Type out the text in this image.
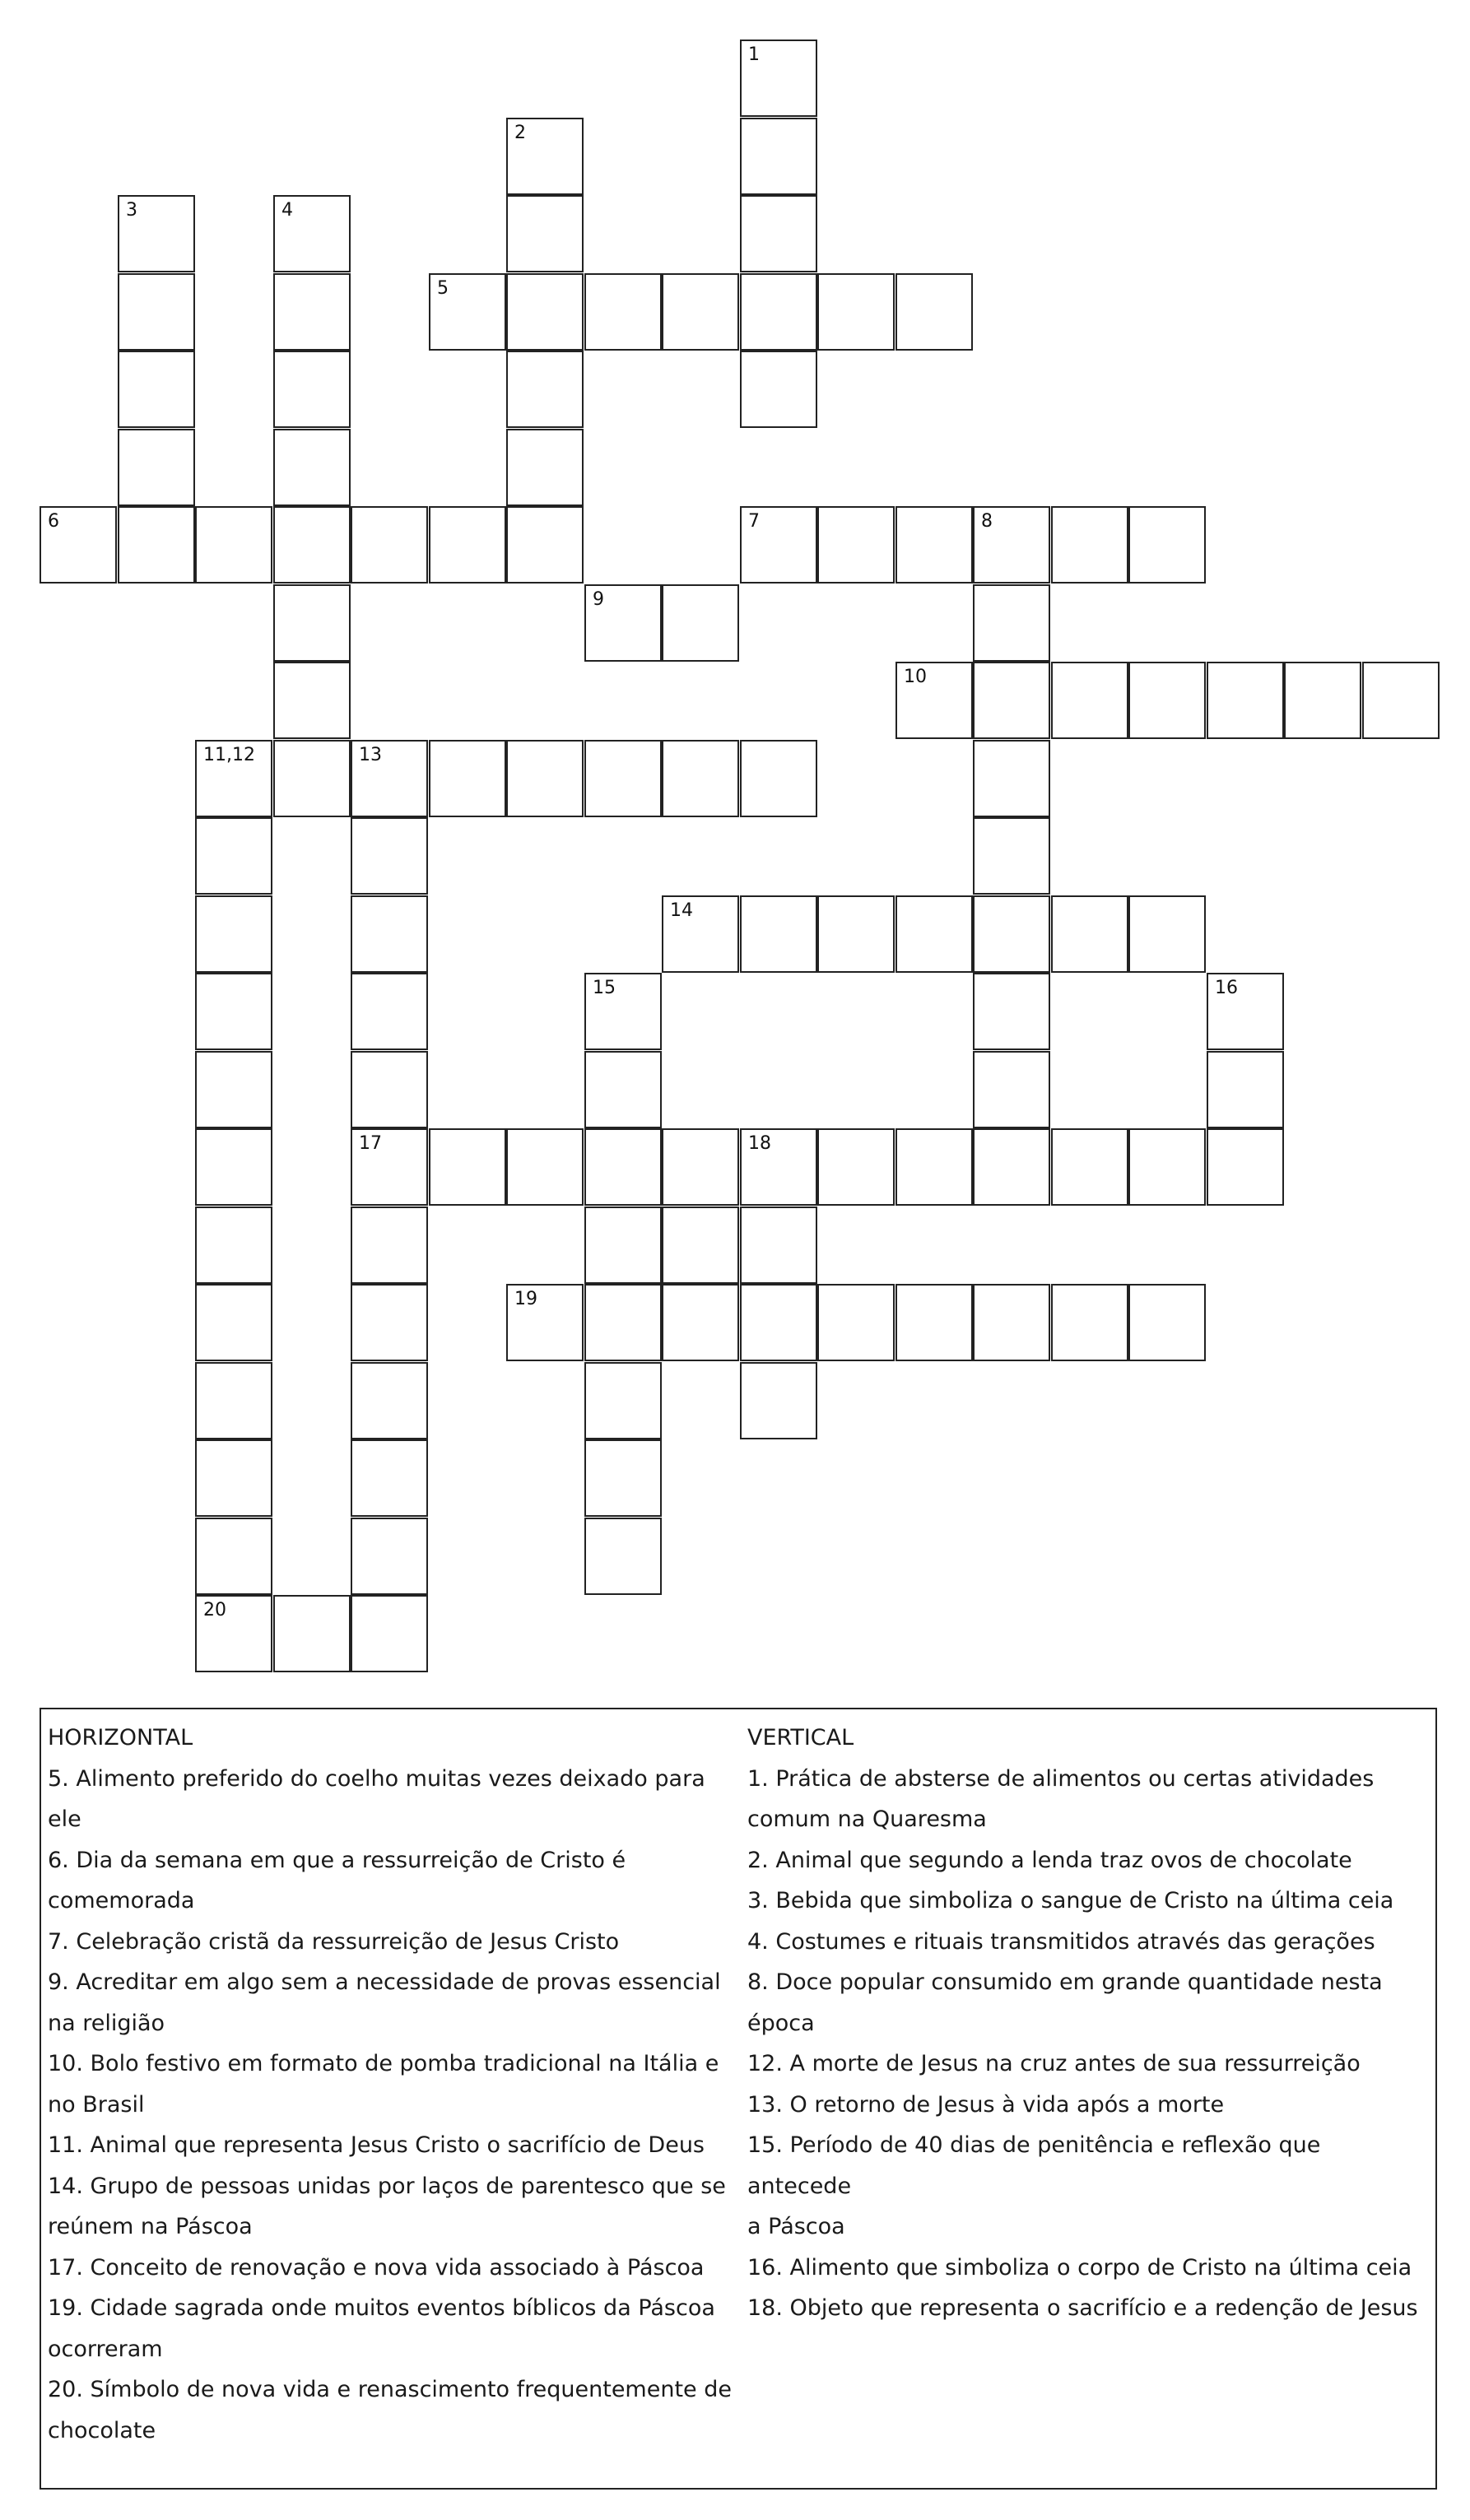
1
2
3	4
5
6	7	8
9
10
11,12	13
14
15	16
17	18
19
20
HORIZONTAL
5. Alimento preferido do coelho muitas vezes deixado para
ele
6. Dia da semana em que a ressurreição de Cristo é
comemorada
7. Celebração cristã da ressurreição de Jesus Cristo
9. Acreditar em algo sem a necessidade de provas essencial
na religião
10. Bolo festivo em formato de pomba tradicional na Itália e
no Brasil
11. Animal que representa Jesus Cristo o sacrifício de Deus
14. Grupo de pessoas unidas por laços de parentesco que se
reúnem na Páscoa
17. Conceito de renovação e nova vida associado à Páscoa
19. Cidade sagrada onde muitos eventos bíblicos da Páscoa
ocorreram
20. Símbolo de nova vida e renascimento frequentemente de
chocolate
VERTICAL
1. Prática de absterse de alimentos ou certas atividades
comum na Quaresma
2. Animal que segundo a lenda traz ovos de chocolate
3. Bebida que simboliza o sangue de Cristo na última ceia
4. Costumes e rituais transmitidos através das gerações
8. Doce popular consumido em grande quantidade nesta
época
12. A morte de Jesus na cruz antes de sua ressurreição
13. O retorno de Jesus à vida após a morte
15. Período de 40 dias de penitência e reflexão que antecede
a Páscoa
16. Alimento que simboliza o corpo de Cristo na última ceia
18. Objeto que representa o sacrifício e a redenção de Jesus
